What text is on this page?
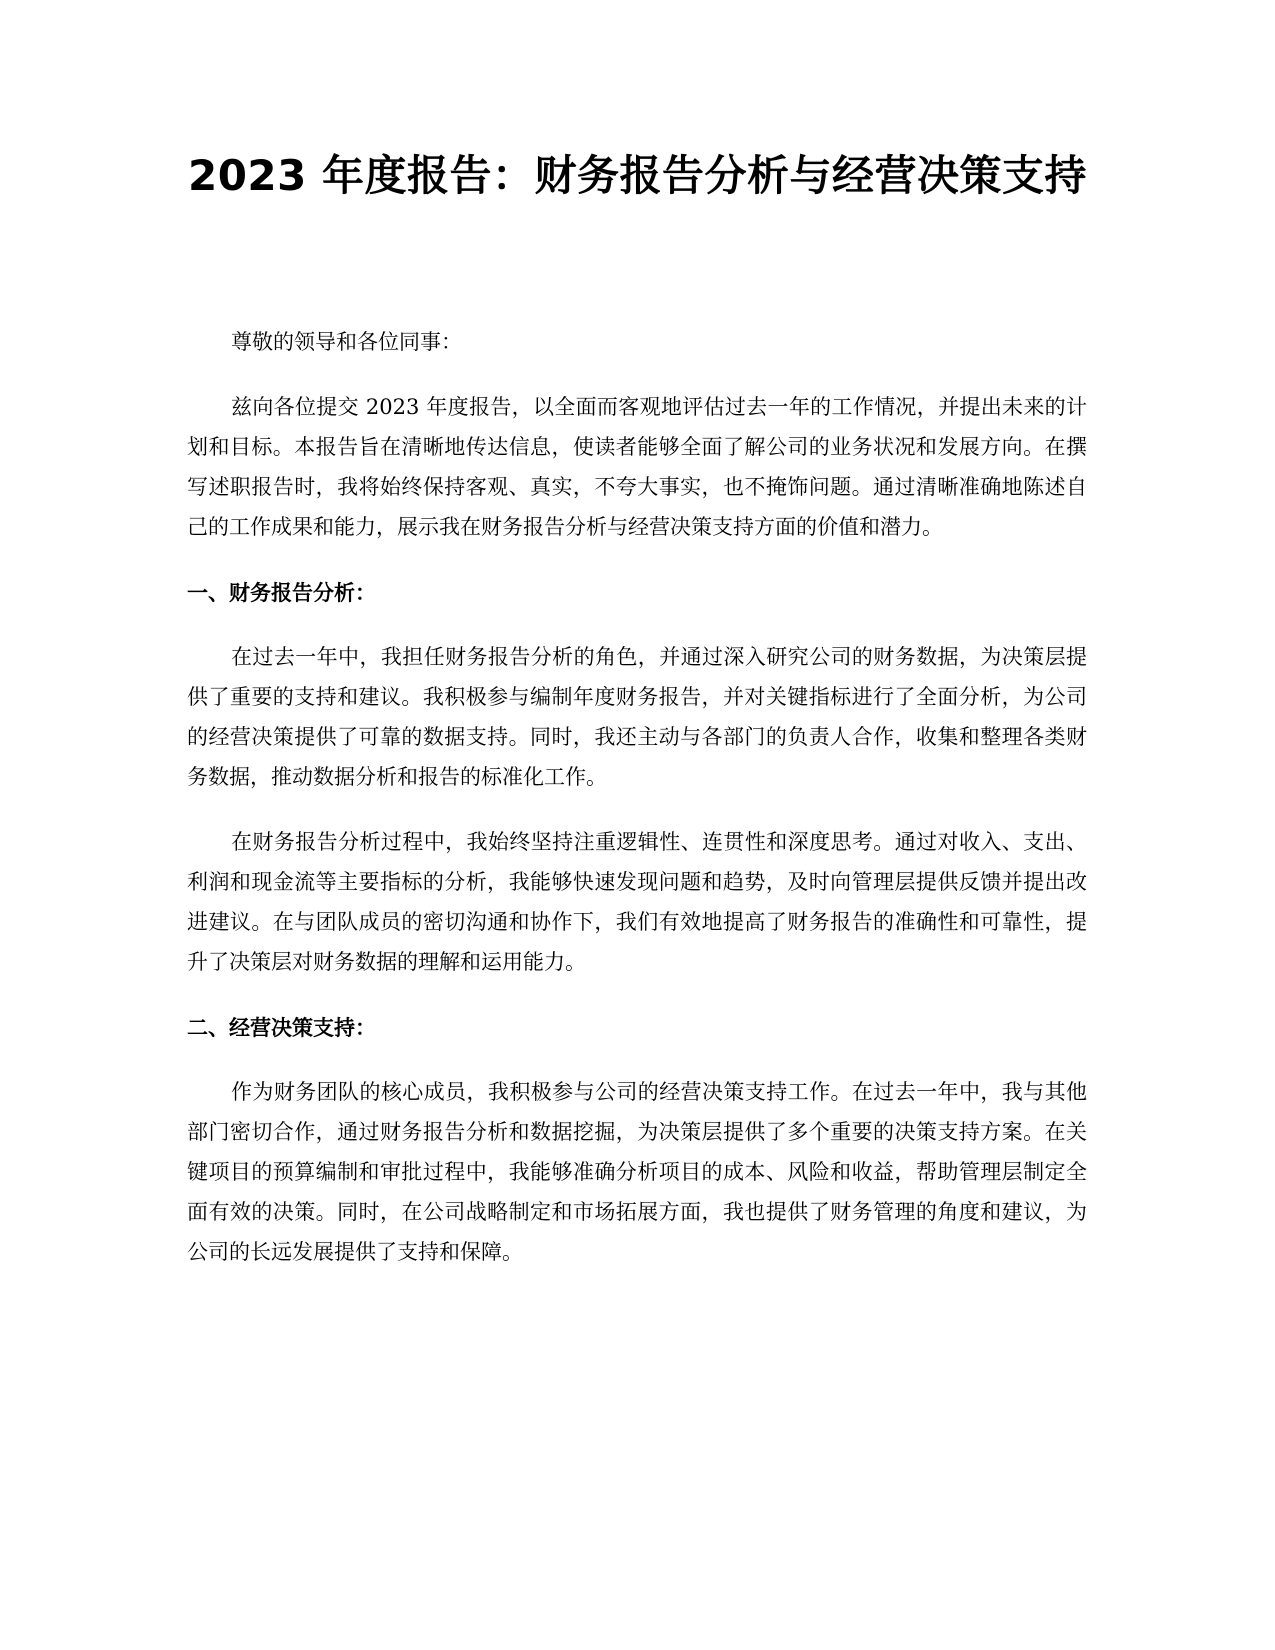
2023 年度报告：财务报告分析与经营决策支持

尊敬的领导和各位同事：

兹向各位提交 2023 年度报告，以全面而客观地评估过去一年的工作情况，并提出未来的计划和目标。本报告旨在清晰地传达信息，使读者能够全面了解公司的业务状况和发展方向。在撰写述职报告时，我将始终保持客观、真实，不夸大事实，也不掩饰问题。通过清晰准确地陈述自己的工作成果和能力，展示我在财务报告分析与经营决策支持方面的价值和潜力。

一、财务报告分析：

在过去一年中，我担任财务报告分析的角色，并通过深入研究公司的财务数据，为决策层提供了重要的支持和建议。我积极参与编制年度财务报告，并对关键指标进行了全面分析，为公司的经营决策提供了可靠的数据支持。同时，我还主动与各部门的负责人合作，收集和整理各类财务数据，推动数据分析和报告的标准化工作。

在财务报告分析过程中，我始终坚持注重逻辑性、连贯性和深度思考。通过对收入、支出、利润和现金流等主要指标的分析，我能够快速发现问题和趋势，及时向管理层提供反馈并提出改进建议。在与团队成员的密切沟通和协作下，我们有效地提高了财务报告的准确性和可靠性，提升了决策层对财务数据的理解和运用能力。

二、经营决策支持：

作为财务团队的核心成员，我积极参与公司的经营决策支持工作。在过去一年中，我与其他部门密切合作，通过财务报告分析和数据挖掘，为决策层提供了多个重要的决策支持方案。在关键项目的预算编制和审批过程中，我能够准确分析项目的成本、风险和收益，帮助管理层制定全面有效的决策。同时，在公司战略制定和市场拓展方面，我也提供了财务管理的角度和建议，为公司的长远发展提供了支持和保障。
